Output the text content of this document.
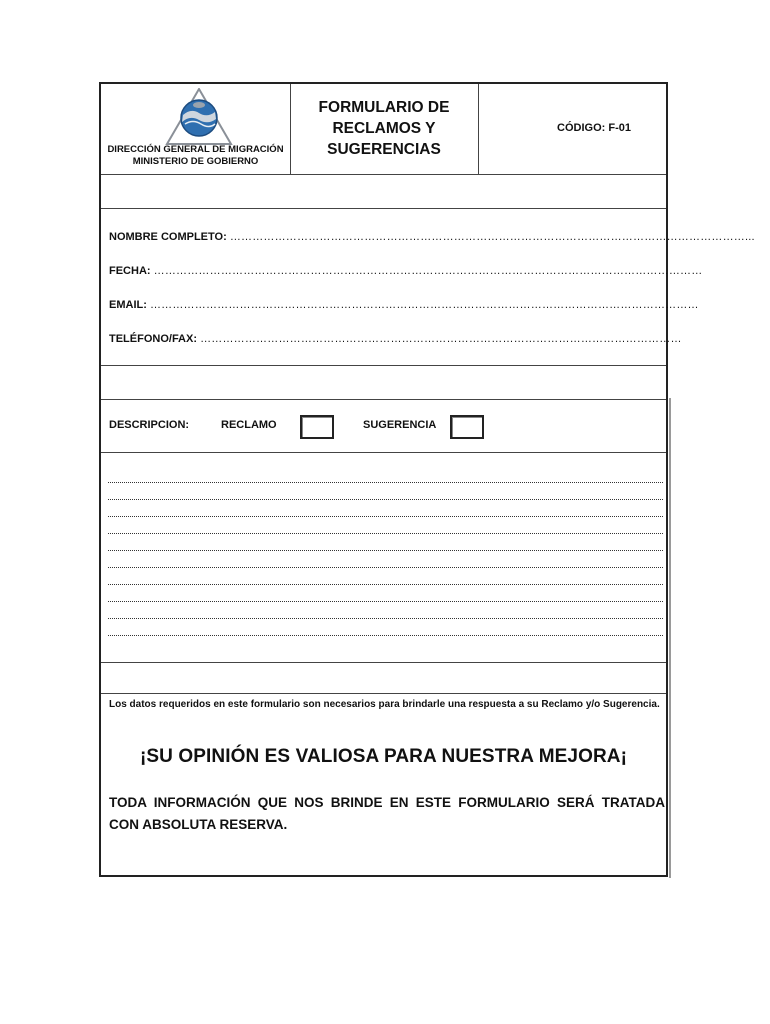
DIRECCIÓN GENERAL DE MIGRACIÓN
MINISTERIO DE GOBIERNO
FORMULARIO DE
RECLAMOS Y
SUGERENCIAS
CÓDIGO: F-01
NOMBRE COMPLETO: …………………………………………………………………………………………………………………………...
FECHA: …………………………………………………………………………………………………………………………………
EMAIL: …………………………………………………………………………………………………………………………………
TELÉFONO/FAX: …………………………………………………………………………………………………………………
DESCRIPCION:	RECLAMO	SUGERENCIA
Los datos requeridos en este formulario son necesarios para brindarle una respuesta a su Reclamo y/o Sugerencia.
¡SU OPINIÓN ES VALIOSA PARA NUESTRA MEJORA¡
TODA INFORMACIÓN QUE NOS BRINDE EN ESTE FORMULARIO SERÁ TRATADA CON ABSOLUTA RESERVA.
